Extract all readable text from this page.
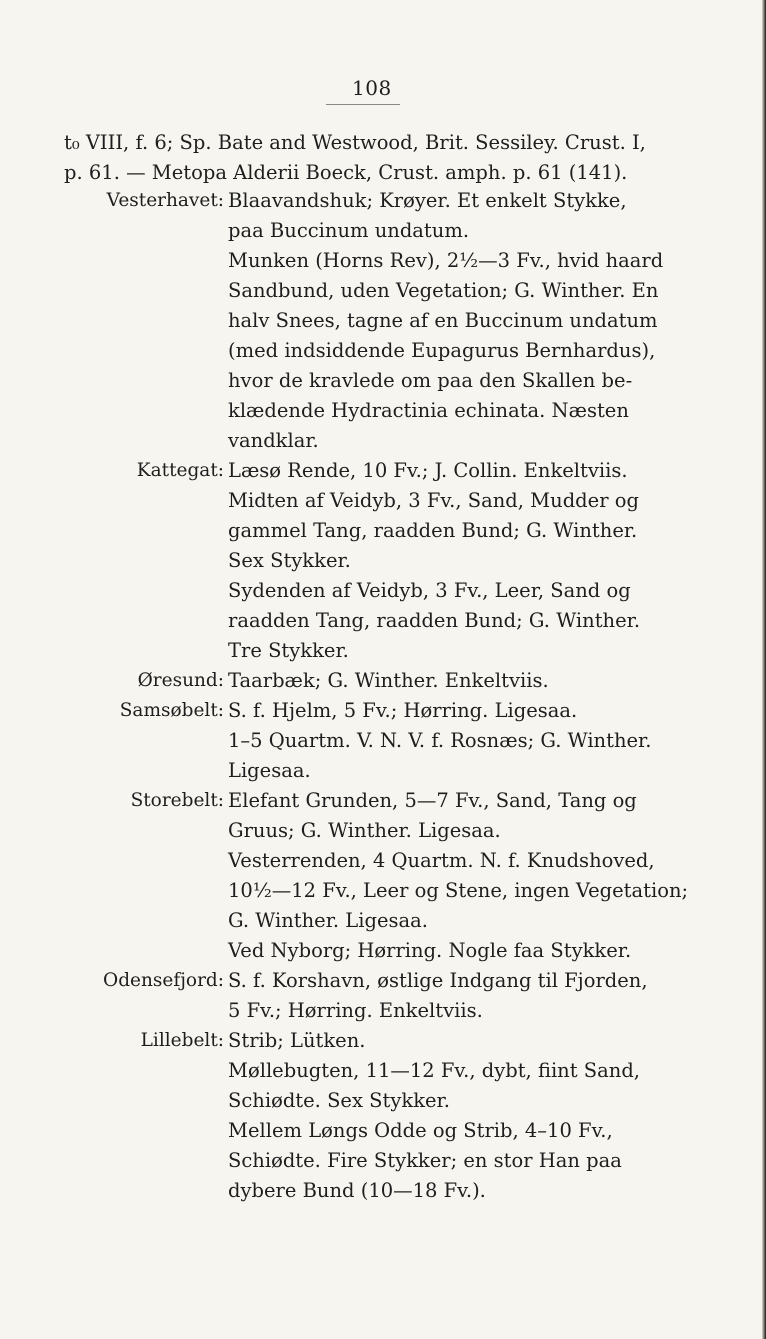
108
t₀ VIII, f. 6; Sp. Bate and Westwood, Brit. Sessiley. Crust. I,
p. 61. — Metopa Alderii Boeck, Crust. amph. p. 61 (141).
Vesterhavet: Blaavandshuk; Krøyer. Et enkelt Stykke,
paa Buccinum undatum.
Munken (Horns Rev), 2½—3 Fv., hvid haard
Sandbund, uden Vegetation; G. Winther. En
halv Snees, tagne af en Buccinum undatum
(med indsiddende Eupagurus Bernhardus),
hvor de kravlede om paa den Skallen be-
klædende Hydractinia echinata. Næsten
vandklar.
Kattegat: Læsø Rende, 10 Fv.; J. Collin. Enkeltviis.
Midten af Veidyb, 3 Fv., Sand, Mudder og
gammel Tang, raadden Bund; G. Winther.
Sex Stykker.
Sydenden af Veidyb, 3 Fv., Leer, Sand og
raadden Tang, raadden Bund; G. Winther.
Tre Stykker.
Øresund: Taarbæk; G. Winther. Enkeltviis.
Samsøbelt: S. f. Hjelm, 5 Fv.; Hørring. Ligesaa.
1–5 Quartm. V. N. V. f. Rosnæs; G. Winther.
Ligesaa.
Storebelt: Elefant Grunden, 5—7 Fv., Sand, Tang og
Gruus; G. Winther. Ligesaa.
Vesterrenden, 4 Quartm. N. f. Knudshoved,
10½—12 Fv., Leer og Stene, ingen Vegetation;
G. Winther. Ligesaa.
Ved Nyborg; Hørring. Nogle faa Stykker.
Odensefjord: S. f. Korshavn, østlige Indgang til Fjorden,
5 Fv.; Hørring. Enkeltviis.
Lillebelt: Strib; Lütken.
Møllebugten, 11—12 Fv., dybt, fiint Sand,
Schiødte. Sex Stykker.
Mellem Løngs Odde og Strib, 4–10 Fv.,
Schiødte. Fire Stykker; en stor Han paa
dybere Bund (10—18 Fv.).
